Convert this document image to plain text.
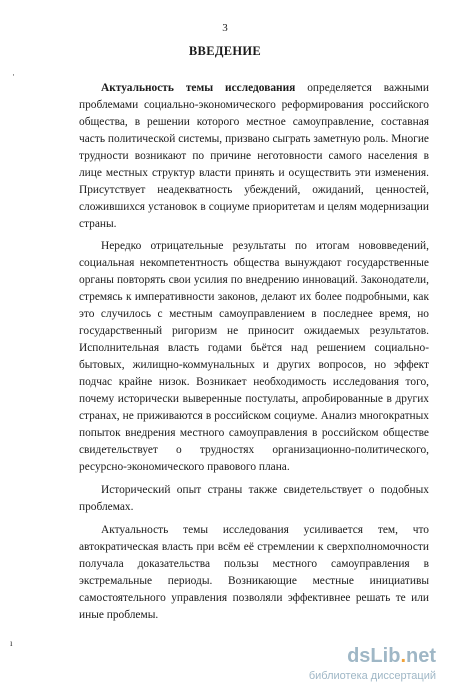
3
ВВЕДЕНИЕ
·
ı

Актуальность темы исследования определяется важными проблемами социально-экономического реформирования российского общества, в решении которого местное самоуправление, составная часть политической системы, призвано сыграть заметную роль. Многие трудности возникают по причине неготовности самого населения в лице местных структур власти принять и осуществить эти изменения. Присутствует неадекватность убеждений, ожиданий, ценностей, сложившихся установок в социуме приоритетам и целям модернизации страны.

Нередко отрицательные результаты по итогам нововведений, социальная некомпетентность общества вынуждают государственные органы повторять свои усилия по внедрению инноваций. Законодатели, стремясь к императивности законов, делают их более подробными, как это случилось с местным самоуправлением в последнее время, но государственный ригоризм не приносит ожидаемых результатов. Исполнительная власть годами бьётся над решением социально-бытовых, жилищно-коммунальных и других вопросов, но эффект подчас крайне низок. Возникает необходимость исследования того, почему исторически выверенные постулаты, апробированные в других странах, не приживаются в российском социуме. Анализ многократных попыток внедрения местного самоуправления в российском обществе свидетельствует о трудностях организационно-политического, ресурсно-экономического правового плана.

Исторический опыт страны также свидетельствует о подобных проблемах.

Актуальность темы исследования усиливается тем, что автократическая власть при всём её стремлении к сверхполномочности получала доказательства пользы местного самоуправления в экстремальные периоды. Возникающие местные инициативы самостоятельного управления позволяли эффективнее решать те или иные проблемы.

dsLib.net
библиотека диссертаций
